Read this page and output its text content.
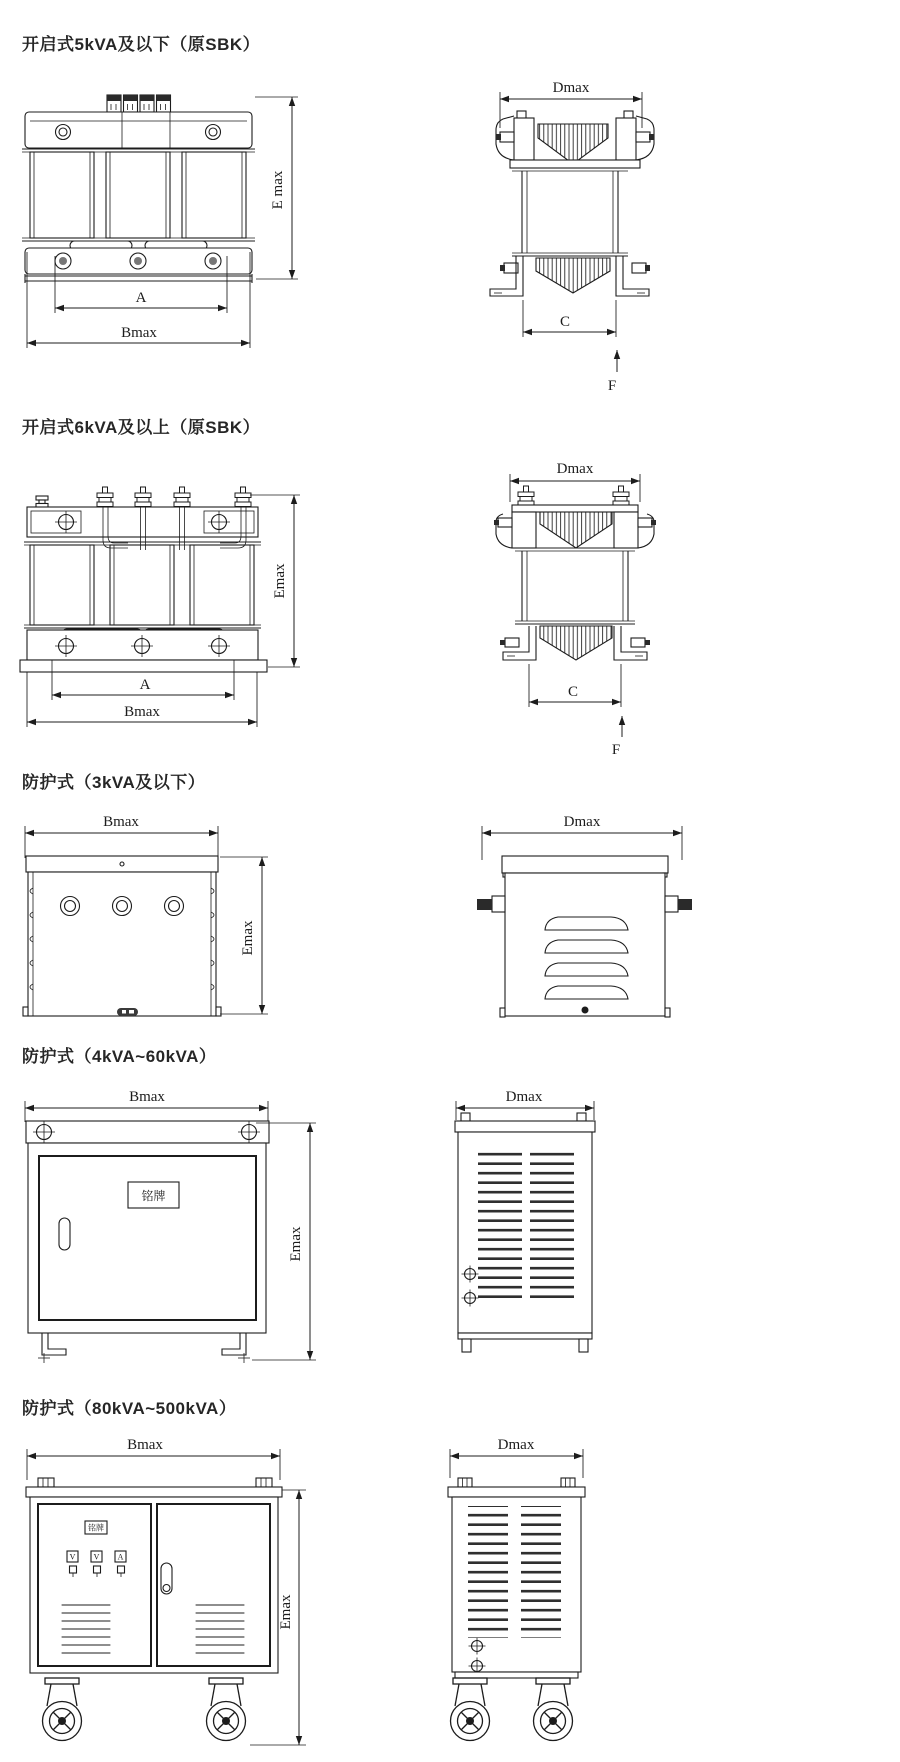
开启式5kVA及以下（原SBK）
E max
A
Bmax
Dmax
C
F
开启式6kVA及以上（原SBK）
Emax
A
Bmax
Dmax
C
F
防护式（3kVA及以下）
Bmax
Emax
Dmax
防护式（4kVA~60kVA）
Bmax
铭牌
Emax
Dmax
防护式（80kVA~500kVA）
Bmax
铭牌
V V A
Emax
Dmax
